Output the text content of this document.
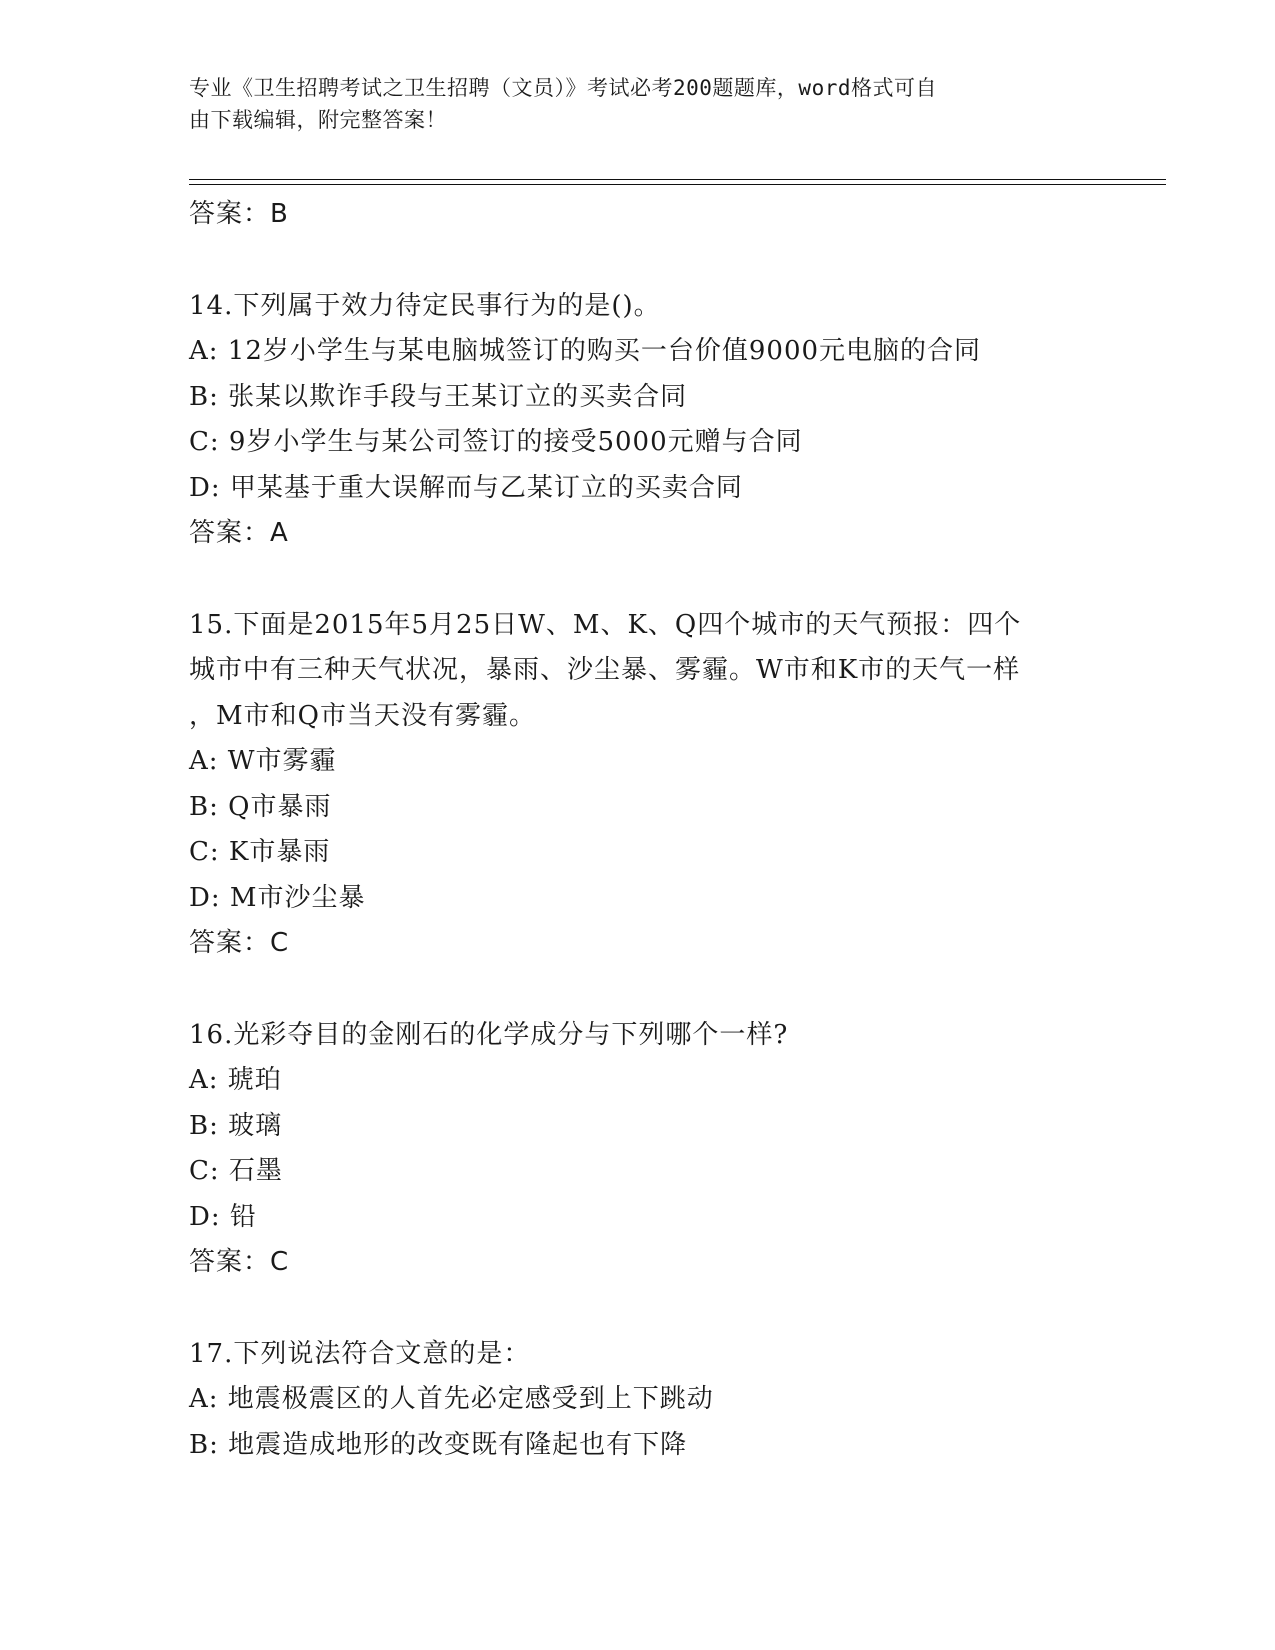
专业《卫生招聘考试之卫生招聘（文员）》考试必考200题题库，word格式可自
由下载编辑，附完整答案！
答案：B
14.下列属于效力待定民事行为的是()。
A: 12岁小学生与某电脑城签订的购买一台价值9000元电脑的合同
B: 张某以欺诈手段与王某订立的买卖合同
C: 9岁小学生与某公司签订的接受5000元赠与合同
D: 甲某基于重大误解而与乙某订立的买卖合同
答案：A
15.下面是2015年5月25日W、M、K、Q四个城市的天气预报：四个
城市中有三种天气状况，暴雨、沙尘暴、雾霾。W市和K市的天气一样
，M市和Q市当天没有雾霾。
A: W市雾霾
B: Q市暴雨
C: K市暴雨
D: M市沙尘暴
答案：C
16.光彩夺目的金刚石的化学成分与下列哪个一样?
A: 琥珀
B: 玻璃
C: 石墨
D: 铅
答案：C
17.下列说法符合文意的是：
A: 地震极震区的人首先必定感受到上下跳动
B: 地震造成地形的改变既有隆起也有下降
